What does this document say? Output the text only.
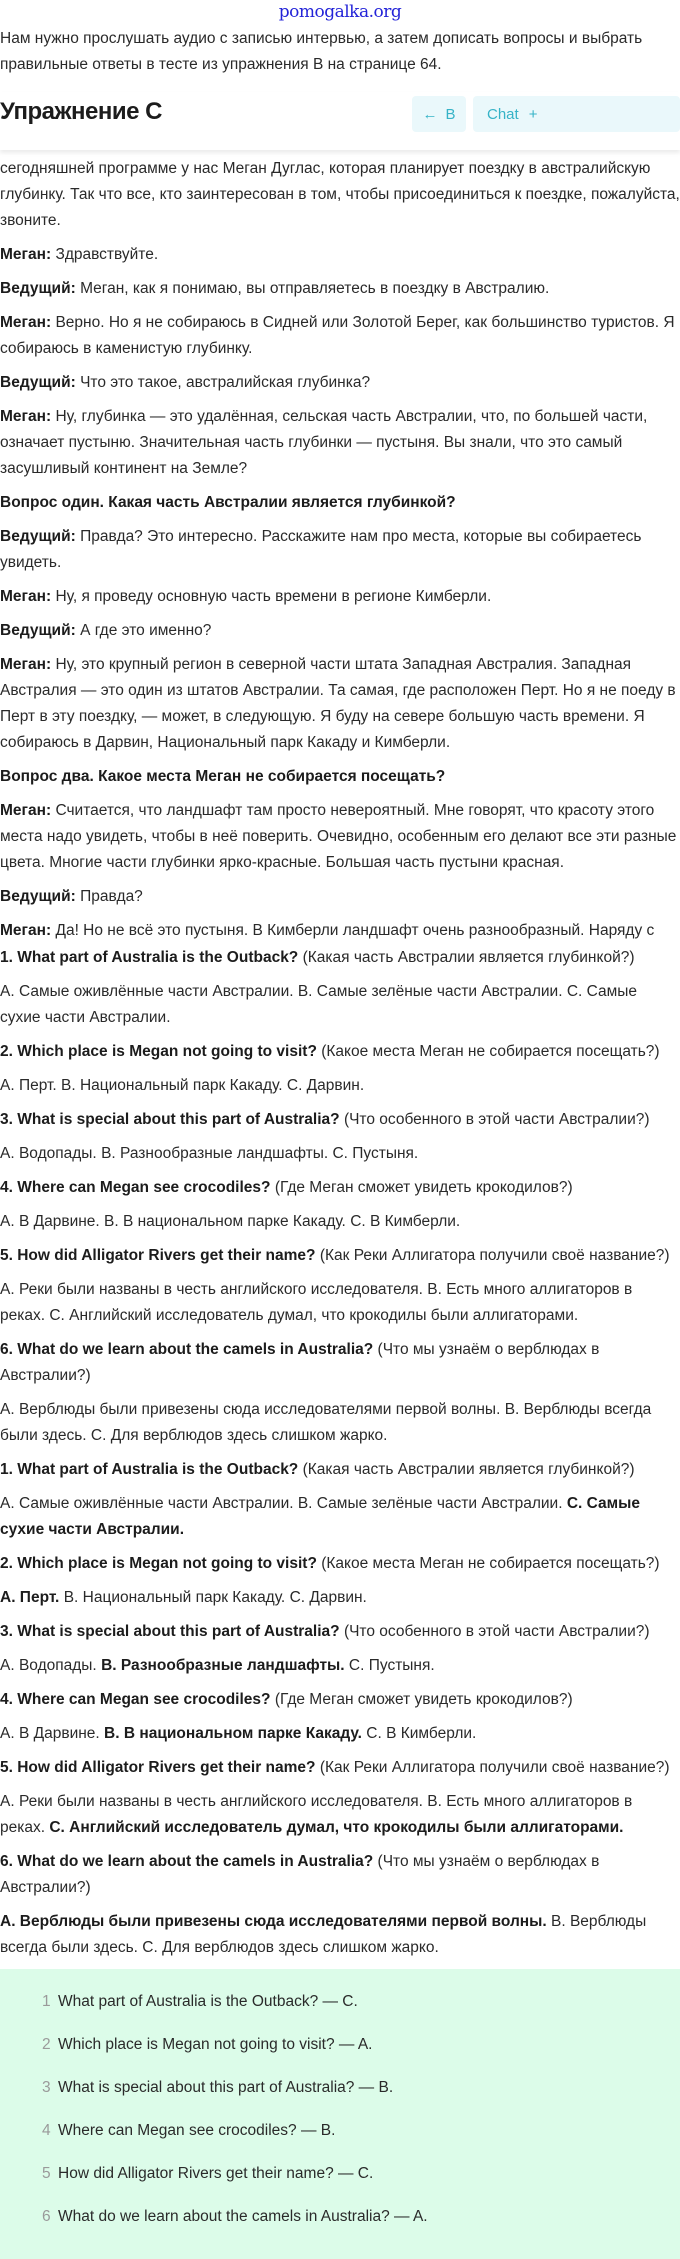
pomogalka.org
Нам нужно прослушать аудио с записью интервью, а затем дописать вопросы и выбрать правильные ответы в тесте из упражнения B на странице 64.
Упражнение C	← B Chat +

сегодняшней программе у нас Меган Дуглас, которая планирует поездку в австралийскую глубинку. Так что все, кто заинтересован в том, чтобы присоединиться к поездке, пожалуйста, звоните.

Меган: Здравствуйте.

Ведущий: Меган, как я понимаю, вы отправляетесь в поездку в Австралию.

Меган: Верно. Но я не собираюсь в Сидней или Золотой Берег, как большинство туристов. Я собираюсь в каменистую глубинку.

Ведущий: Что это такое, австралийская глубинка?

Меган: Ну, глубинка — это удалённая, сельская часть Австралии, что, по большей части, означает пустыню. Значительная часть глубинки — пустыня. Вы знали, что это самый засушливый континент на Земле?

Вопрос один. Какая часть Австралии является глубинкой?

Ведущий: Правда? Это интересно. Расскажите нам про места, которые вы собираетесь увидеть.

Меган: Ну, я проведу основную часть времени в регионе Кимберли.

Ведущий: А где это именно?

Меган: Ну, это крупный регион в северной части штата Западная Австралия. Западная Австралия — это один из штатов Австралии. Та самая, где расположен Перт. Но я не поеду в Перт в эту поездку, — может, в следующую. Я буду на севере большую часть времени. Я собираюсь в Дарвин, Национальный парк Какаду и Кимберли.

Вопрос два. Какое места Меган не собирается посещать?

Меган: Считается, что ландшафт там просто невероятный. Мне говорят, что красоту этого места надо увидеть, чтобы в неё поверить. Очевидно, особенным его делают все эти разные цвета. Многие части глубинки ярко-красные. Большая часть пустыни красная.

Ведущий: Правда?

Меган: Да! Но не всё это пустыня. В Кимберли ландшафт очень разнообразный. Наряду с

1. What part of Australia is the Outback? (Какая часть Австралии является глубинкой?)

A. Самые оживлённые части Австралии. B. Самые зелёные части Австралии. C. Самые сухие части Австралии.

2. Which place is Megan not going to visit? (Какое места Меган не собирается посещать?)

A. Перт. B. Национальный парк Какаду. C. Дарвин.

3. What is special about this part of Australia? (Что особенного в этой части Австралии?)

A. Водопады. B. Разнообразные ландшафты. C. Пустыня.

4. Where can Megan see crocodiles? (Где Меган сможет увидеть крокодилов?)

A. В Дарвине. B. В национальном парке Какаду. C. В Кимберли.

5. How did Alligator Rivers get their name? (Как Реки Аллигатора получили своё название?)

A. Реки были названы в честь английского исследователя. B. Есть много аллигаторов в реках. C. Английский исследователь думал, что крокодилы были аллигаторами.

6. What do we learn about the camels in Australia? (Что мы узнаём о верблюдах в Австралии?)

A. Верблюды были привезены сюда исследователями первой волны. B. Верблюды всегда были здесь. C. Для верблюдов здесь слишком жарко.

1. What part of Australia is the Outback? (Какая часть Австралии является глубинкой?)

A. Самые оживлённые части Австралии. B. Самые зелёные части Австралии. C. Самые сухие части Австралии.

2. Which place is Megan not going to visit? (Какое места Меган не собирается посещать?)

A. Перт. B. Национальный парк Какаду. C. Дарвин.

3. What is special about this part of Australia? (Что особенного в этой части Австралии?)

A. Водопады. B. Разнообразные ландшафты. C. Пустыня.

4. Where can Megan see crocodiles? (Где Меган сможет увидеть крокодилов?)

A. В Дарвине. B. В национальном парке Какаду. C. В Кимберли.

5. How did Alligator Rivers get their name? (Как Реки Аллигатора получили своё название?)

A. Реки были названы в честь английского исследователя. B. Есть много аллигаторов в реках. C. Английский исследователь думал, что крокодилы были аллигаторами.

6. What do we learn about the camels in Australia? (Что мы узнаём о верблюдах в Австралии?)

A. Верблюды были привезены сюда исследователями первой волны. B. Верблюды всегда были здесь. C. Для верблюдов здесь слишком жарко.

1 What part of Australia is the Outback? — C.
2 Which place is Megan not going to visit? — A.
3 What is special about this part of Australia? — B.
4 Where can Megan see crocodiles? — B.
5 How did Alligator Rivers get their name? — C.
6 What do we learn about the camels in Australia? — A.
